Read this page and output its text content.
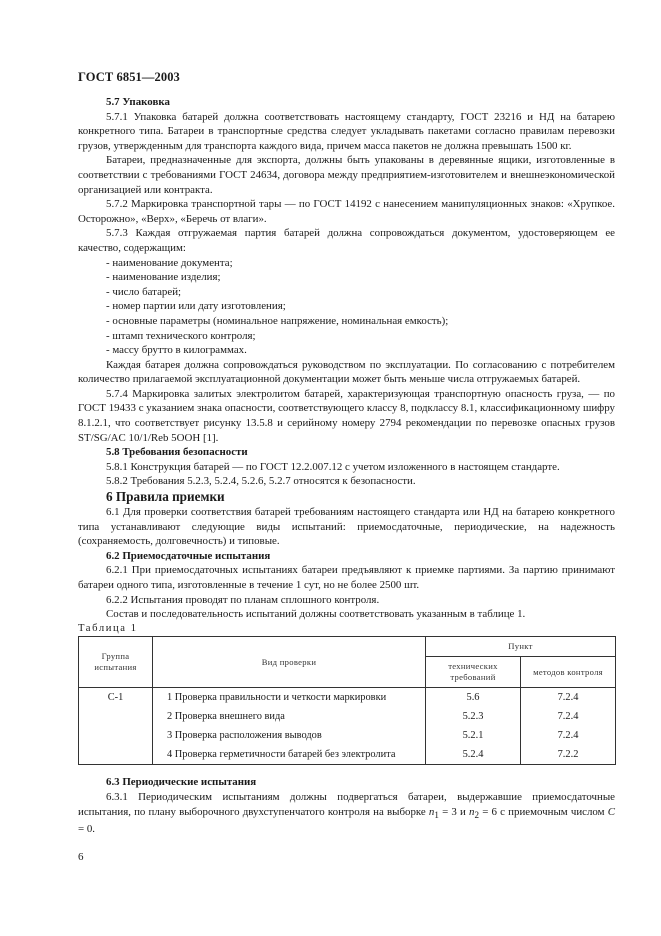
ГОСТ 6851—2003

5.7 Упаковка

5.7.1 Упаковка батарей должна соответствовать настоящему стандарту, ГОСТ 23216 и НД на батарею конкретного типа. Батареи в транспортные средства следует укладывать пакетами согласно правилам перевозки грузов, утвержденным для транспорта каждого вида, причем масса пакетов не должна превышать 1500 кг.

Батареи, предназначенные для экспорта, должны быть упакованы в деревянные ящики, изготовленные в соответствии с требованиями ГОСТ 24634, договора между предприятием-изготовителем и внешнеэкономической организацией или контракта.

5.7.2 Маркировка транспортной тары — по ГОСТ 14192 с нанесением манипуляционных знаков: «Хрупкое. Осторожно», «Верх», «Беречь от влаги».

5.7.3 Каждая отгружаемая партия батарей должна сопровождаться документом, удостоверяющем ее качество, содержащим:

- наименование документа;
- наименование изделия;
- число батарей;
- номер партии или дату изготовления;
- основные параметры (номинальное напряжение, номинальная емкость);
- штамп технического контроля;
- массу брутто в килограммах.

Каждая батарея должна сопровождаться руководством по эксплуатации. По согласованию с потребителем количество прилагаемой эксплуатационной документации может быть меньше числа отгружаемых батарей.

5.7.4 Маркировка залитых электролитом батарей, характеризующая транспортную опасность груза, — по ГОСТ 19433 с указанием знака опасности, соответствующего классу 8, подклассу 8.1, классификационному шифру 8.1.2.1, что соответствует рисунку 13.5.8 и серийному номеру 2794 рекомендации по перевозке опасных грузов ST/SG/AC 10/1/Reb 5ООН [1].

5.8 Требования безопасности

5.8.1 Конструкция батарей — по ГОСТ 12.2.007.12 с учетом изложенного в настоящем стандарте.

5.8.2 Требования 5.2.3, 5.2.4, 5.2.6, 5.2.7 относятся к безопасности.

6 Правила приемки

6.1 Для проверки соответствия батарей требованиям настоящего стандарта или НД на батарею конкретного типа устанавливают следующие виды испытаний: приемосдаточные, периодические, на надежность (сохраняемость, долговечность) и типовые.

6.2 Приемосдаточные испытания

6.2.1 При приемосдаточных испытаниях батареи предъявляют к приемке партиями. За партию принимают батареи одного типа, изготовленные в течение 1 сут, но не более 2500 шт.

6.2.2 Испытания проводят по планам сплошного контроля.

Состав и последовательность испытаний должны соответствовать указанным в таблице 1.

Таблица 1

Группа испытания	Вид проверки	Пункт	
		технических требований	методов контроля
С-1	1 Проверка правильности и четкости маркировки	5.6	7.2.4
	2 Проверка внешнего вида	5.2.3	7.2.4
	3 Проверка расположения выводов	5.2.1	7.2.4
	4 Проверка герметичности батарей без электролита	5.2.4	7.2.2

6.3 Периодические испытания

6.3.1 Периодическим испытаниям должны подвергаться батареи, выдержавшие приемосдаточные испытания, по плану выборочного двухступенчатого контроля на выборке $n_1 = 3$ и $n_2 = 6$ с приемочным числом C = 0.

6
